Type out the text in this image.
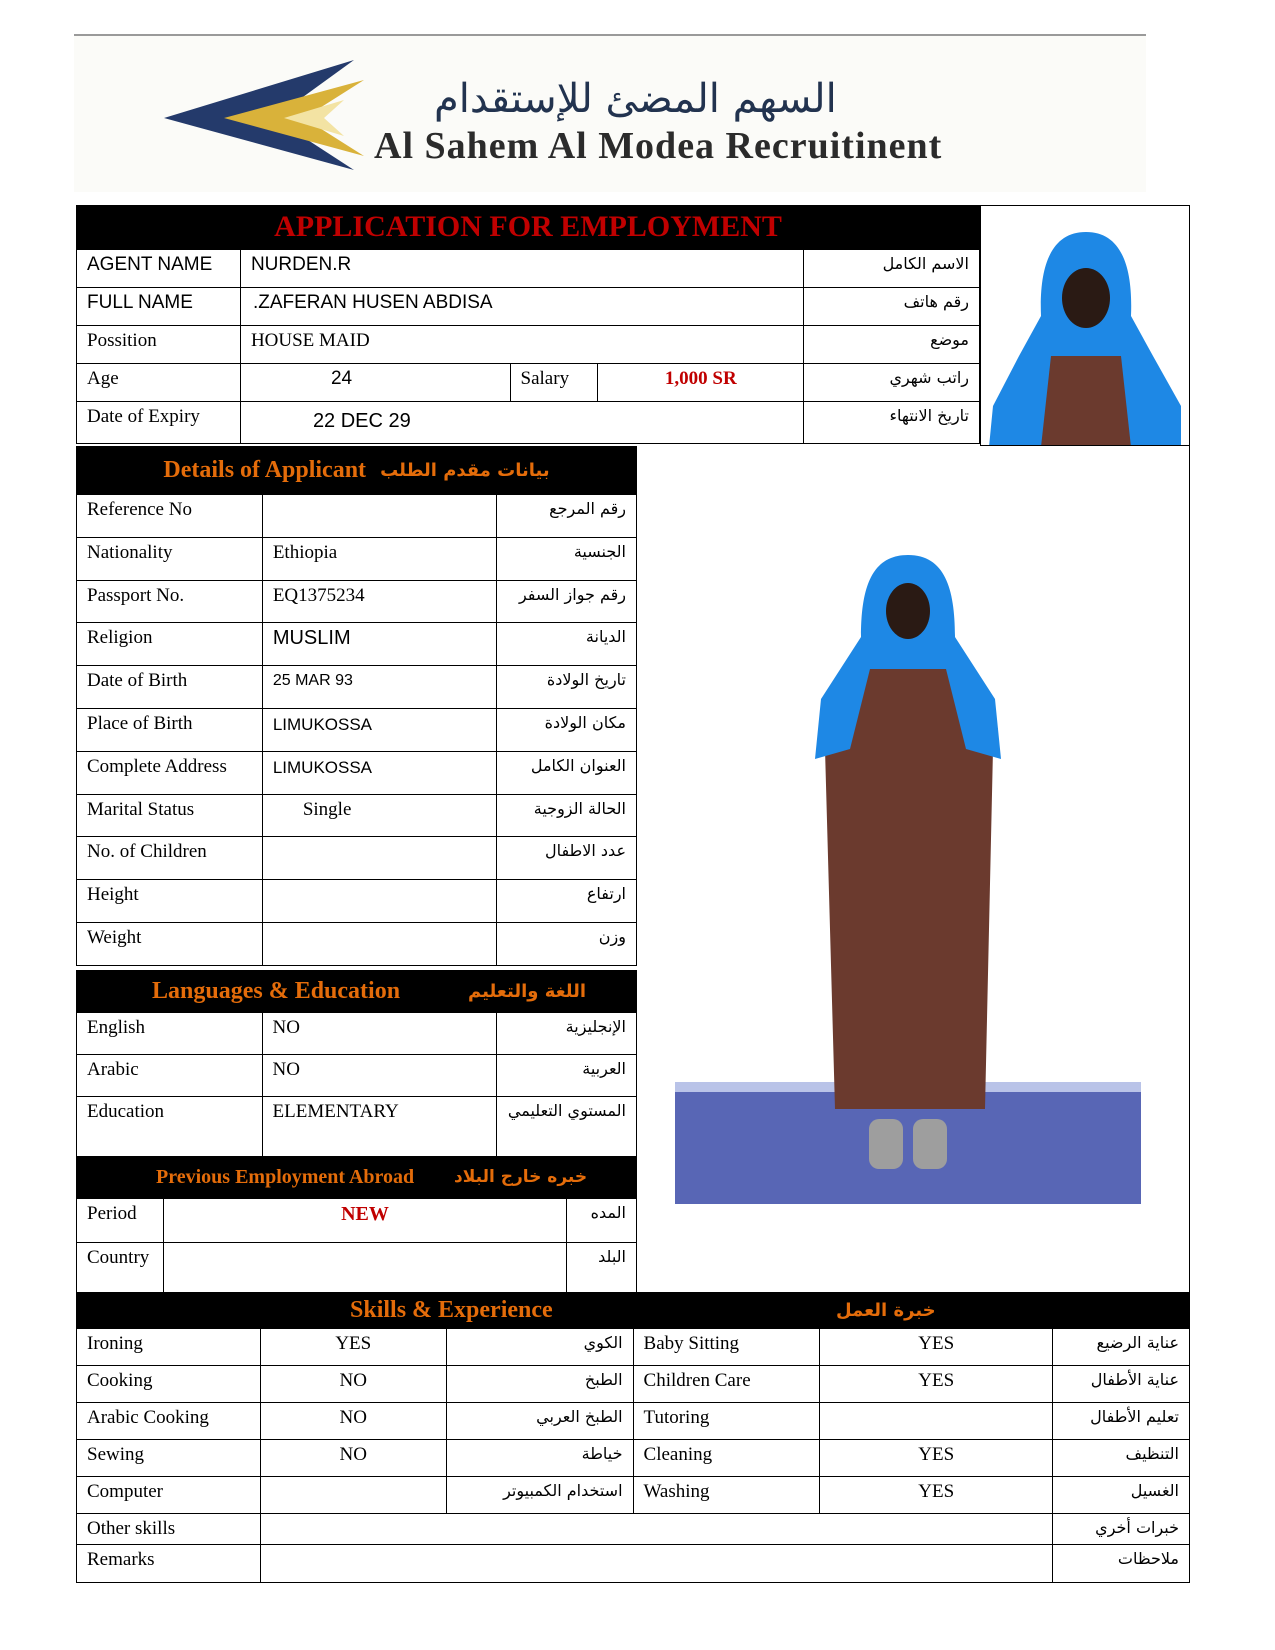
السهم المضئ للإستقدام
Al Sahem Al Modea Recruitinent
APPLICATION FOR EMPLOYMENT
AGENT NAME	NURDEN.R			الاسم الكامل
FULL NAME	.ZAFERAN HUSEN ABDISA			رقم هاتف
Possition	HOUSE MAID			موضع
Age	24	Salary	1,000 SR	راتب شهري
Date of Expiry	22 DEC 29			تاريخ الانتهاء
Details of Applicant بيانات مقدم الطلب
Reference No		رقم المرجع
Nationality	Ethiopia	الجنسية
Passport No.	EQ1375234	رقم جواز السفر
Religion	MUSLIM	الديانة
Date of Birth	25 MAR 93	تاريخ الولادة
Place of Birth	LIMUKOSSA	مكان الولادة
Complete Address	LIMUKOSSA	العنوان الكامل
Marital Status	Single	الحالة الزوجية
No. of Children		عدد الاطفال
Height		ارتفاع
Weight		وزن
Languages & Education	اللغة والتعليم
English	NO	الإنجليزية
Arabic	NO	العربية
Education	ELEMENTARY	المستوي التعليمي
Previous Employment Abroad خبره خارج البلاد
Period	NEW	المده
Country		البلد
Skills & Experience	خبرة العمل
Ironing	YES	الكوي	Baby Sitting	YES	عناية الرضيع
Cooking	NO	الطبخ	Children Care	YES	عناية الأطفال
Arabic Cooking	NO	الطبخ العربي	Tutoring		تعليم الأطفال
Sewing	NO	خياطة	Cleaning	YES	التنظيف
Computer		استخدام الكمبيوتر	Washing	YES	الغسيل
Other skills					خبرات أخري
Remarks					ملاحظات
